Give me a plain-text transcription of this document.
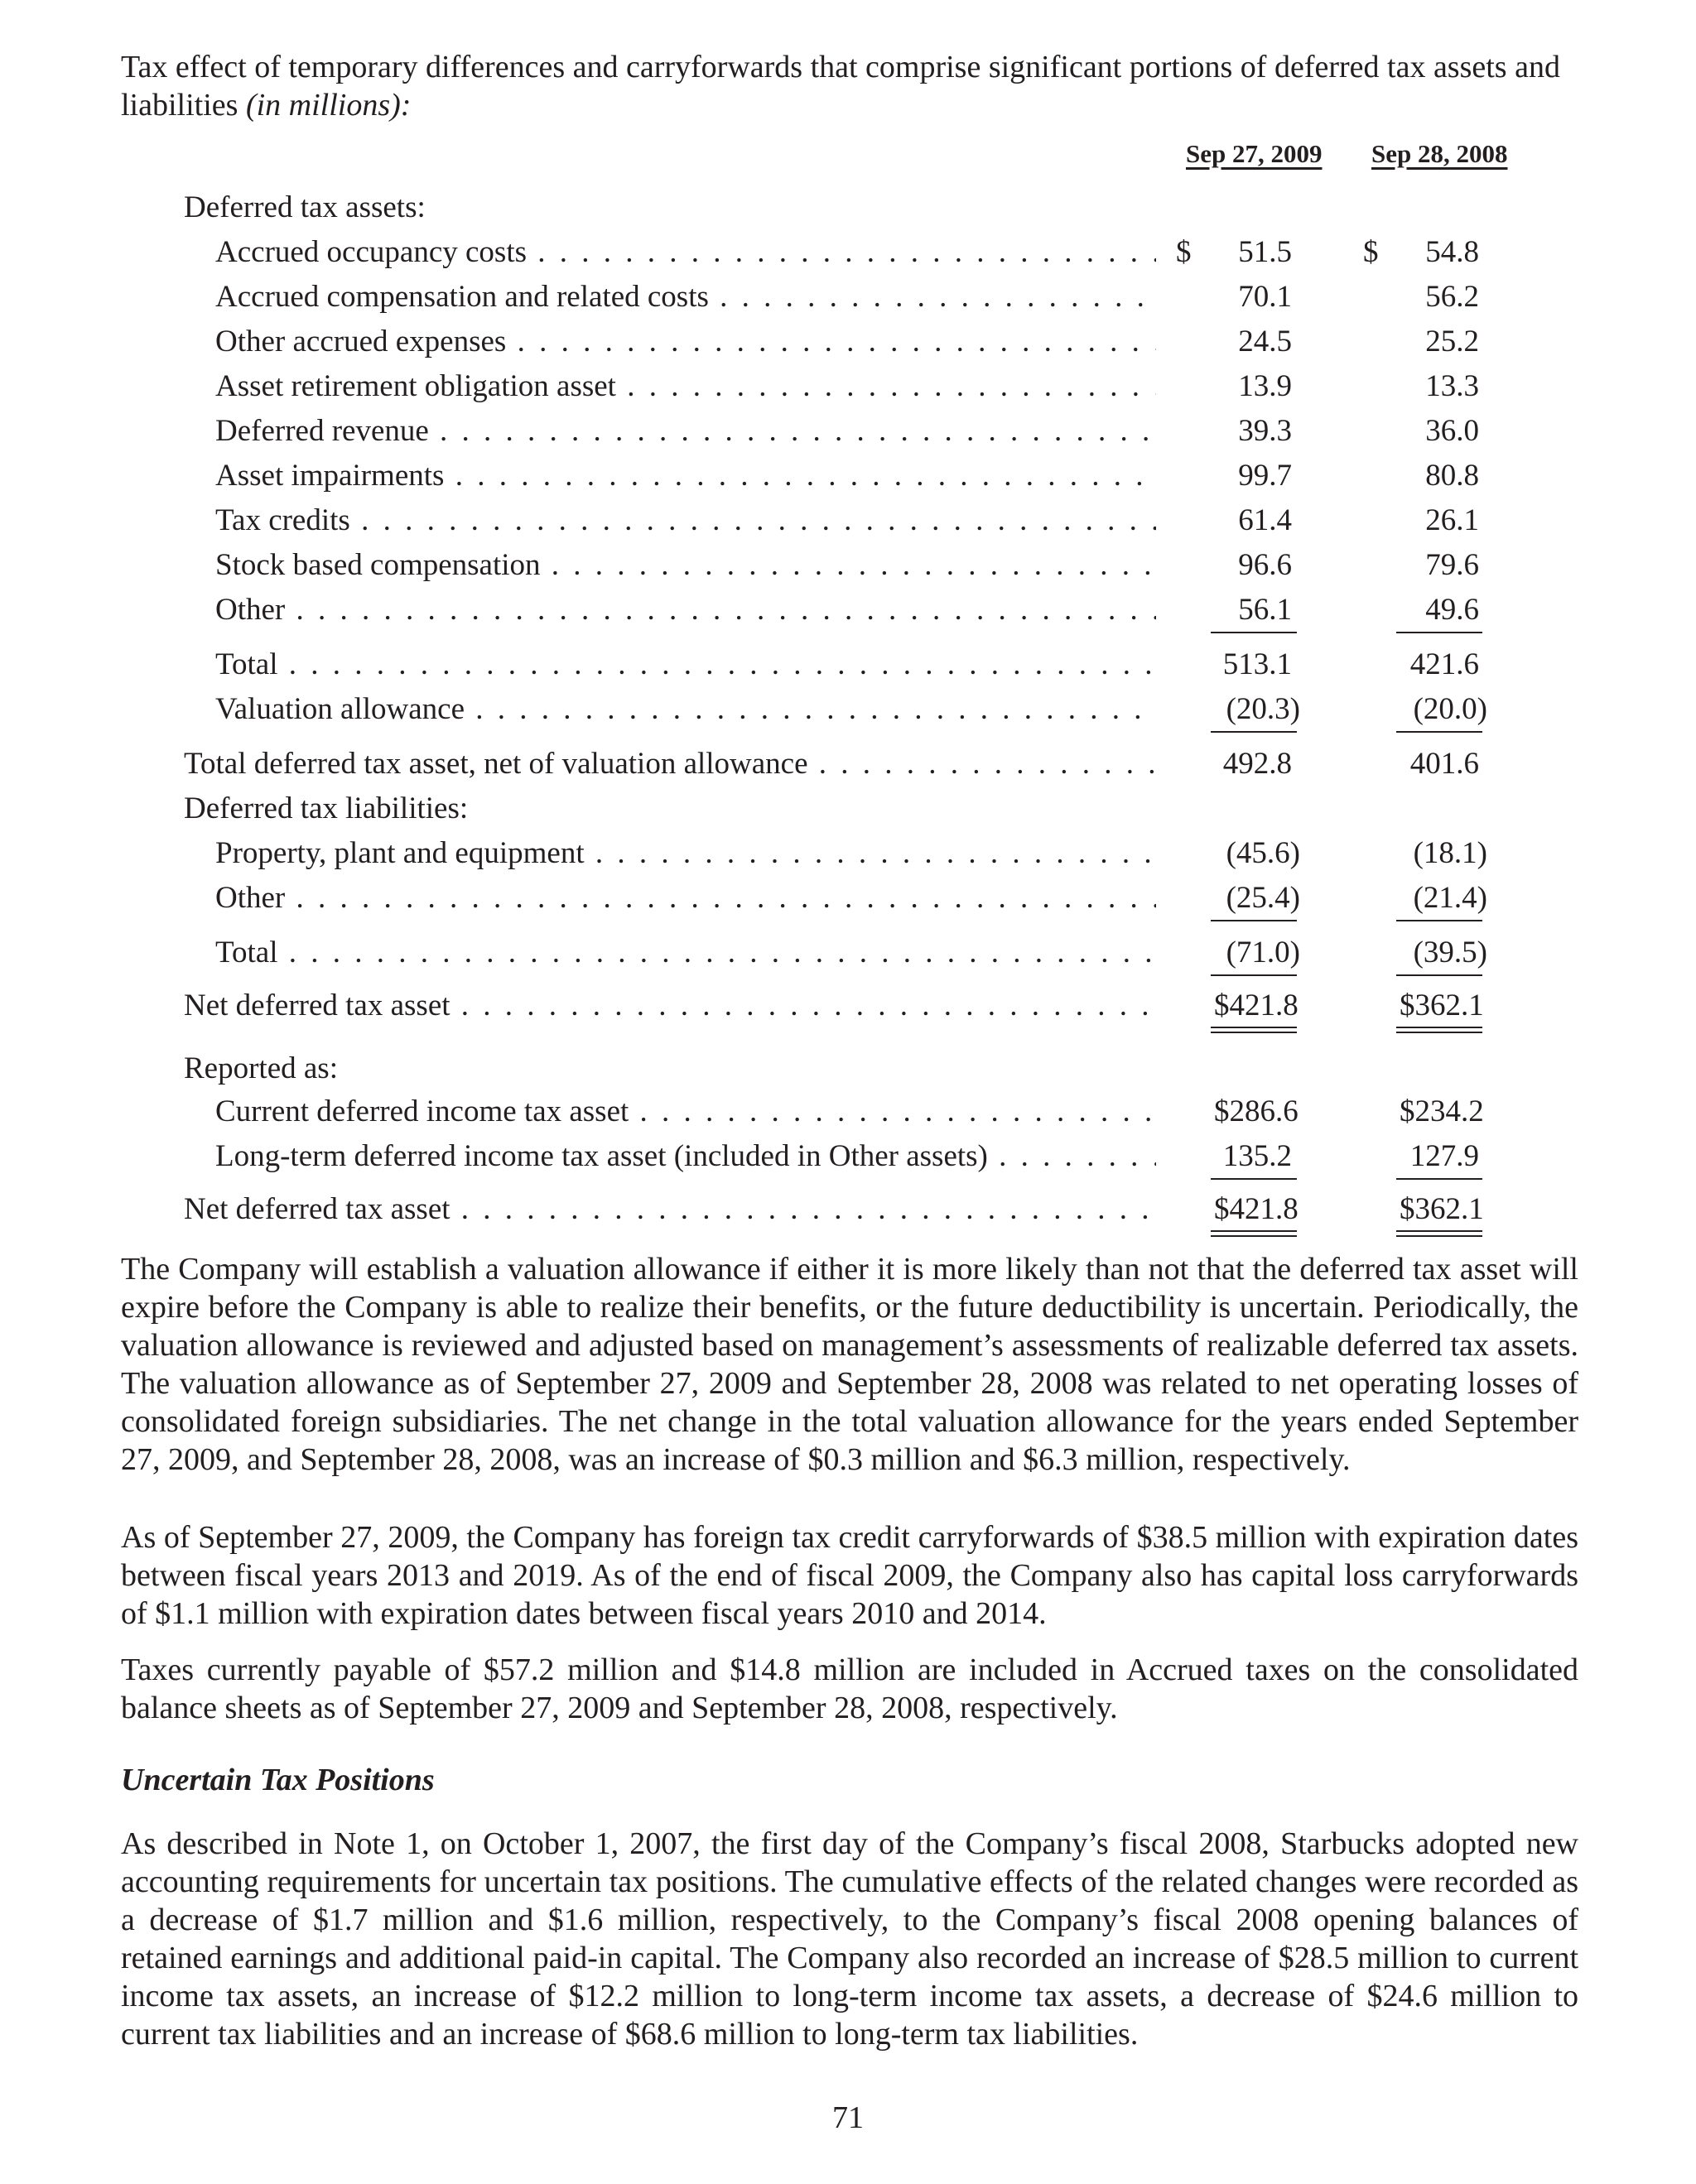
Tax effect of temporary differences and carryforwards that comprise significant portions of deferred tax assets and liabilities (in millions):
Sep 27, 2009 Sep 28, 2008
Deferred tax assets:
Accrued occupancy costs . . .	$ 51.5 $ 54.8
Accrued compensation and related costs . . .	70.1	56.2
Other accrued expenses . . .	24.5	25.2
Asset retirement obligation asset . . .	13.9	13.3
Deferred revenue . . .	39.3	36.0
Asset impairments . . .	99.7	80.8
Tax credits . . .	61.4	26.1
Stock based compensation . . .	96.6	79.6
Other . . .	56.1	49.6
Total . . .	513.1	421.6
Valuation allowance . . .	(20.3)	(20.0)
Total deferred tax asset, net of valuation allowance . . .	492.8	401.6
Deferred tax liabilities:
Property, plant and equipment . . .	(45.6)	(18.1)
Other . . .	(25.4)	(21.4)
Total . . .	(71.0)	(39.5)
Net deferred tax asset . . .	$421.8	$362.1
Reported as:
Current deferred income tax asset . . .	$286.6	$234.2
Long-term deferred income tax asset (included in Other assets) . . .	135.2	127.9
Net deferred tax asset . . .	$421.8	$362.1

The Company will establish a valuation allowance if either it is more likely than not that the deferred tax asset will expire before the Company is able to realize their benefits, or the future deductibility is uncertain. Periodically, the valuation allowance is reviewed and adjusted based on management’s assessments of realizable deferred tax assets. The valuation allowance as of September 27, 2009 and September 28, 2008 was related to net operating losses of consolidated foreign subsidiaries. The net change in the total valuation allowance for the years ended September 27, 2009, and September 28, 2008, was an increase of $0.3 million and $6.3 million, respectively.

As of September 27, 2009, the Company has foreign tax credit carryforwards of $38.5 million with expiration dates between fiscal years 2013 and 2019. As of the end of fiscal 2009, the Company also has capital loss carryforwards of $1.1 million with expiration dates between fiscal years 2010 and 2014.

Taxes currently payable of $57.2 million and $14.8 million are included in Accrued taxes on the consolidated balance sheets as of September 27, 2009 and September 28, 2008, respectively.

Uncertain Tax Positions

As described in Note 1, on October 1, 2007, the first day of the Company’s fiscal 2008, Starbucks adopted new accounting requirements for uncertain tax positions. The cumulative effects of the related changes were recorded as a decrease of $1.7 million and $1.6 million, respectively, to the Company’s fiscal 2008 opening balances of retained earnings and additional paid-in capital. The Company also recorded an increase of $28.5 million to current income tax assets, an increase of $12.2 million to long-term income tax assets, a decrease of $24.6 million to current tax liabilities and an increase of $68.6 million to long-term tax liabilities.

71
